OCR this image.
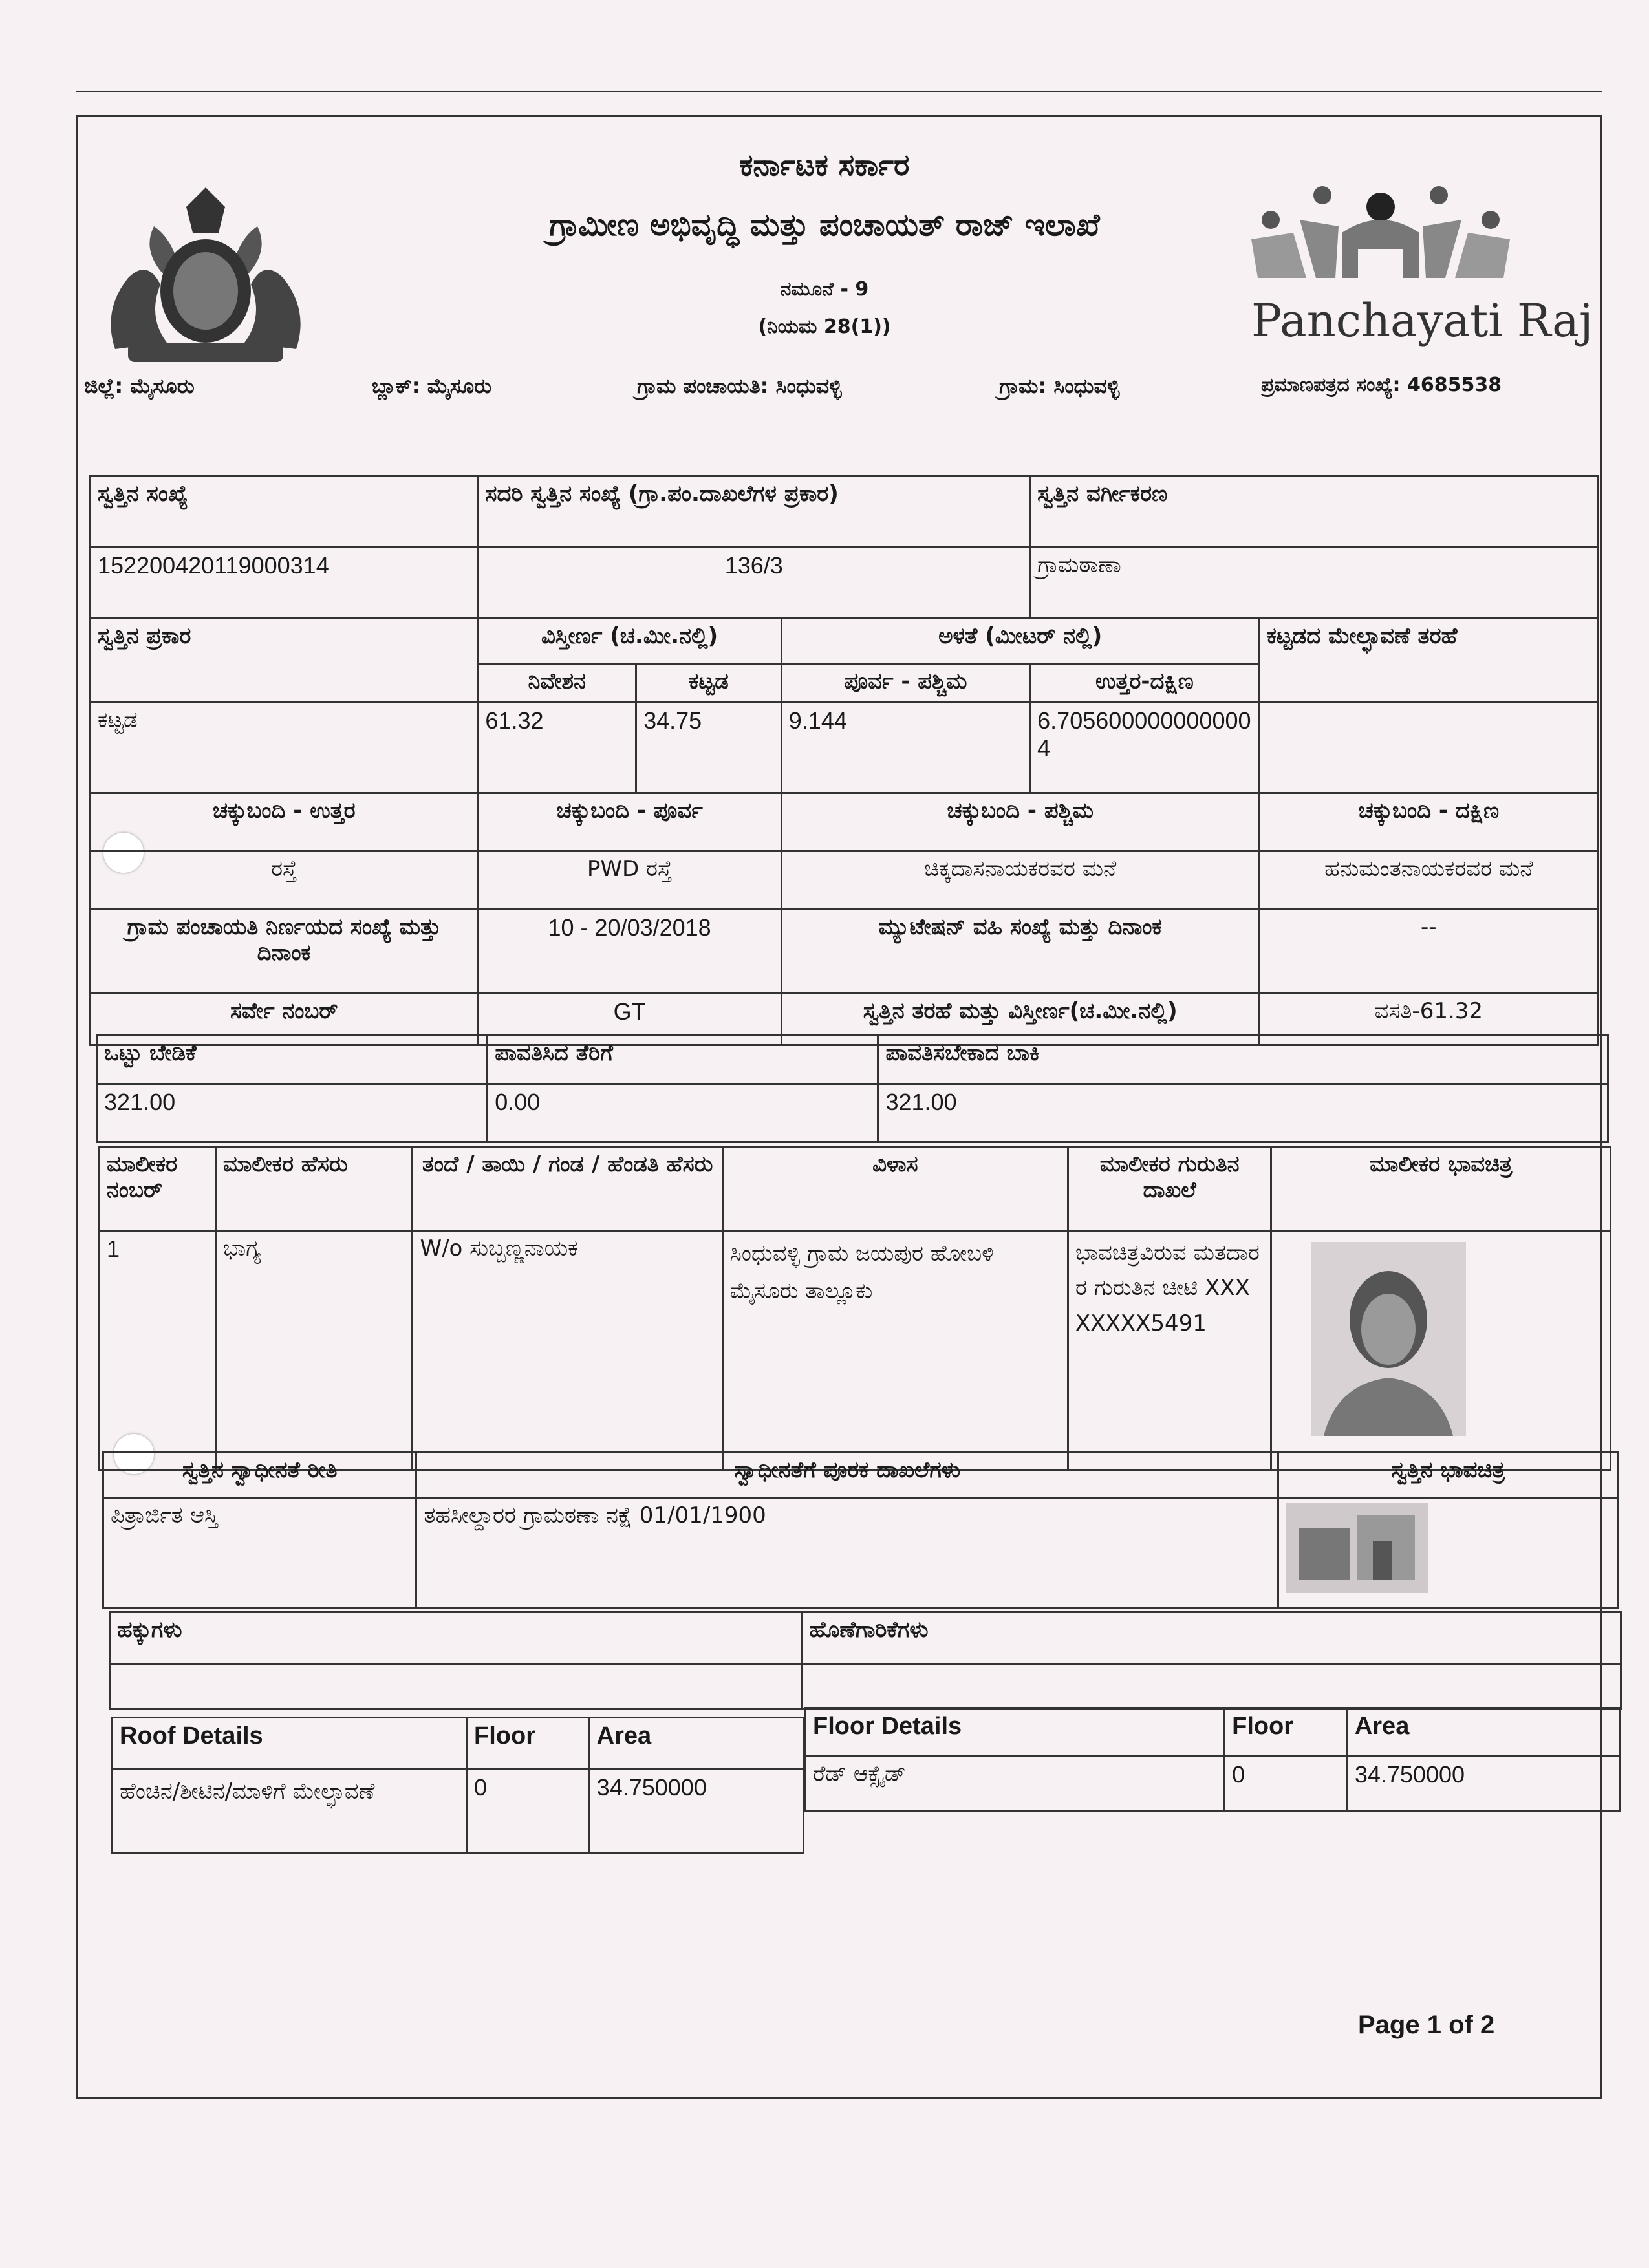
Panchayati Raj
ಕರ್ನಾಟಕ ಸರ್ಕಾರ
ಗ್ರಾಮೀಣ ಅಭಿವೃದ್ಧಿ ಮತ್ತು ಪಂಚಾಯತ್ ರಾಜ್ ಇಲಾಖೆ
ನಮೂನೆ - 9
(ನಿಯಮ 28(1))
ಜಿಲ್ಲೆ: ಮೈಸೂರು	ಬ್ಲಾಕ್: ಮೈಸೂರು	ಗ್ರಾಮ ಪಂಚಾಯತಿ: ಸಿಂಧುವಳ್ಳಿ	ಗ್ರಾಮ: ಸಿಂಧುವಳ್ಳಿ	ಪ್ರಮಾಣಪತ್ರದ ಸಂಖ್ಯೆ: 4685538
ಸ್ವತ್ತಿನ ಸಂಖ್ಯೆ	ಸದರಿ ಸ್ವತ್ತಿನ ಸಂಖ್ಯೆ (ಗ್ರಾ.ಪಂ.ದಾಖಲೆಗಳ ಪ್ರಕಾರ)			ಸ್ವತ್ತಿನ ವರ್ಗೀಕರಣ	
152200420119000314	136/3			ಗ್ರಾಮಠಾಣಾ	
ಸ್ವತ್ತಿನ ಪ್ರಕಾರ	ವಿಸ್ತೀರ್ಣ (ಚ.ಮೀ.ನಲ್ಲಿ)		ಅಳತೆ (ಮೀಟರ್ ನಲ್ಲಿ)		ಕಟ್ಟಡದ ಮೇಲ್ಛಾವಣೆ ತರಹೆ
	ನಿವೇಶನ	ಕಟ್ಟಡ	ಪೂರ್ವ - ಪಶ್ಚಿಮ	ಉತ್ತರ-ದಕ್ಷಿಣ	
ಕಟ್ಟಡ	61.32	34.75	9.144	6.7056000000000004	
ಚಕ್ಕುಬಂದಿ - ಉತ್ತರ	ಚಕ್ಕುಬಂದಿ - ಪೂರ್ವ		ಚಕ್ಕುಬಂದಿ - ಪಶ್ಚಿಮ		ಚಕ್ಕುಬಂದಿ - ದಕ್ಷಿಣ
ರಸ್ತೆ	PWD ರಸ್ತೆ		ಚಿಕ್ಕದಾಸನಾಯಕರವರ ಮನೆ		ಹನುಮಂತನಾಯಕರವರ ಮನೆ
ಗ್ರಾಮ ಪಂಚಾಯತಿ ನಿರ್ಣಯದ ಸಂಖ್ಯೆ ಮತ್ತು ದಿನಾಂಕ	10 - 20/03/2018		ಮ್ಯುಟೇಷನ್ ವಹಿ ಸಂಖ್ಯೆ ಮತ್ತು ದಿನಾಂಕ		--
ಸರ್ವೇ ನಂಬರ್	GT		ಸ್ವತ್ತಿನ ತರಹೆ ಮತ್ತು ವಿಸ್ತೀರ್ಣ(ಚ.ಮೀ.ನಲ್ಲಿ)		ವಸತಿ-61.32
ಒಟ್ಟು ಬೇಡಿಕೆ	ಪಾವತಿಸಿದ ತೆರಿಗೆ	ಪಾವತಿಸಬೇಕಾದ ಬಾಕಿ
321.00	0.00	321.00
ಮಾಲೀಕರ ನಂಬರ್	ಮಾಲೀಕರ ಹೆಸರು	ತಂದೆ / ತಾಯಿ / ಗಂಡ / ಹೆಂಡತಿ ಹೆಸರು	ವಿಳಾಸ	ಮಾಲೀಕರ ಗುರುತಿನ ದಾಖಲೆ	ಮಾಲೀಕರ ಭಾವಚಿತ್ರ
1	ಭಾಗ್ಯ	W/o ಸುಬ್ಬಣ್ಣನಾಯಕ	ಸಿಂಧುವಳ್ಳಿ ಗ್ರಾಮ ಜಯಪುರ ಹೋಬಳಿ ಮೈಸೂರು ತಾಲ್ಲೂಕು	ಭಾವಚಿತ್ರವಿರುವ ಮತದಾರರ ಗುರುತಿನ ಚೀಟಿ XXXXXXXX5491	
ಸ್ವತ್ತಿನ ಸ್ವಾಧೀನತೆ ರೀತಿ	ಸ್ವಾಧೀನತೆಗೆ ಪೂರಕ ದಾಖಲೆಗಳು	ಸ್ವತ್ತಿನ ಭಾವಚಿತ್ರ
ಪಿತ್ರಾರ್ಜಿತ ಆಸ್ತಿ	ತಹಸೀಲ್ದಾರರ ಗ್ರಾಮಠಣಾ ನಕ್ಷೆ 01/01/1900	
ಹಕ್ಕುಗಳು	ಹೊಣೆಗಾರಿಕೆಗಳು

Roof Details	Floor	Area
ಹೆಂಚಿನ/ಶೀಟಿನ/ಮಾಳಿಗೆ ಮೇಲ್ಛಾವಣೆ	0	34.750000
Floor Details	Floor	Area
ರೆಡ್ ಆಕ್ಸೈಡ್	0	34.750000
Page 1 of 2
